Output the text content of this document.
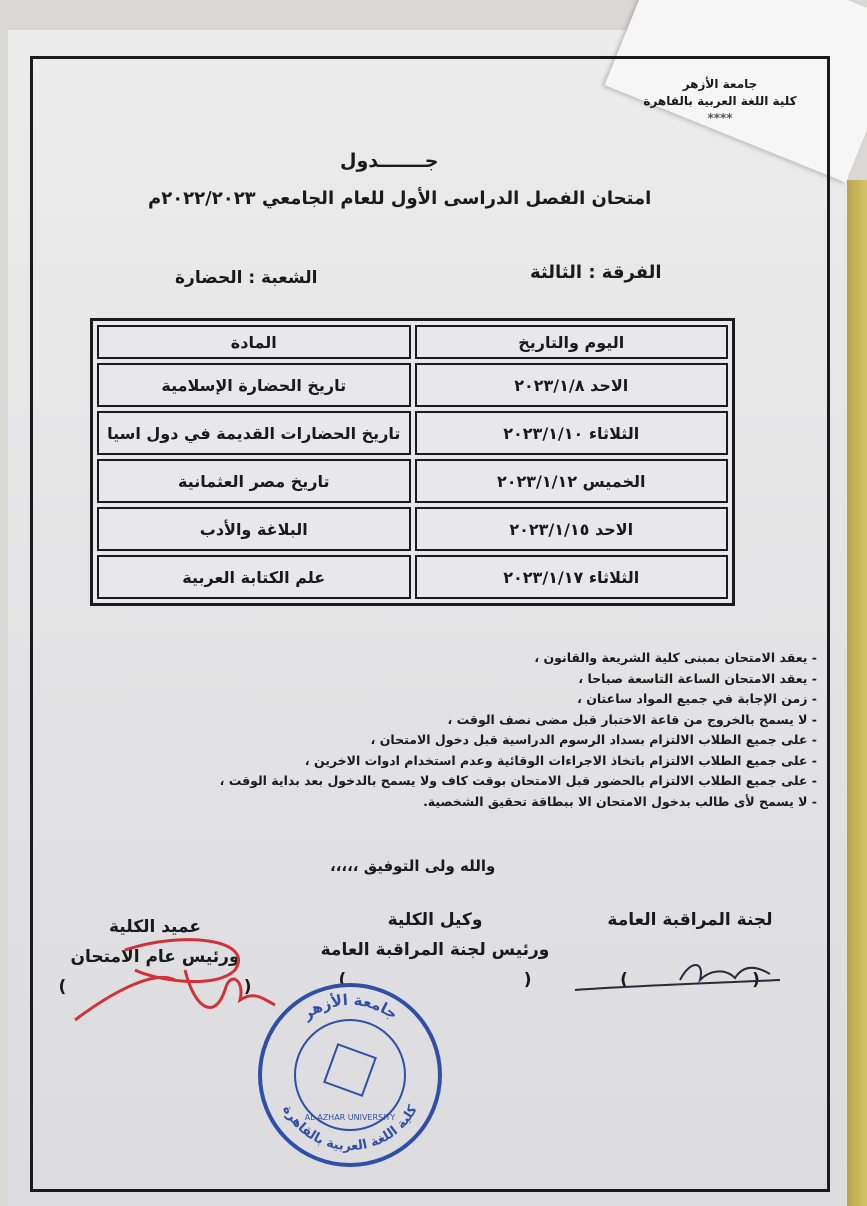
جامعة الأزهر
كلية اللغة العربية بالقاهرة
****
جـــــــدول
امتحان الفصل الدراسى الأول للعام الجامعي ٢٠٢٢/٢٠٢٣م
الفرقة : الثالثة
الشعبة : الحضارة
اليوم والتاريخ	المادة
الاحد ٢٠٢٣/١/٨	تاريخ الحضارة الإسلامية
الثلاثاء ٢٠٢٣/١/١٠	تاريخ الحضارات القديمة في دول اسيا
الخميس ٢٠٢٣/١/١٢	تاريخ مصر العثمانية
الاحد ٢٠٢٣/١/١٥	البلاغة والأدب
الثلاثاء ٢٠٢٣/١/١٧	علم الكتابة العربية
- يعقد الامتحان بمبنى كلية الشريعة والقانون ،
- يعقد الامتحان الساعة التاسعة صباحا ،
- زمن الإجابة في جميع المواد ساعتان ،
- لا يسمح بالخروج من قاعة الاختبار قبل مضى نصف الوقت ،
- على جميع الطلاب الالتزام بسداد الرسوم الدراسية قبل دخول الامتحان ،
- على جميع الطلاب الالتزام باتخاذ الاجراءات الوقائية وعدم استخدام ادوات الاخرين ،
- على جميع الطلاب الالتزام بالحضور قبل الامتحان بوقت كاف ولا يسمح بالدخول بعد بداية الوقت ،
- لا يسمح لأى طالب بدخول الامتحان الا ببطاقة تحقيق الشخصية.
والله ولى التوفيق ،،،،،
لجنة المراقبة العامة
(                     )
وكيل الكلية
ورئيس لجنة المراقبة العامة
(                              )
عميد الكلية
ورئيس عام الامتحان
(                              )
جامعة الأزهر
كلية اللغة العربية بالقاهرة
AL-AZHAR UNIVERSITY
